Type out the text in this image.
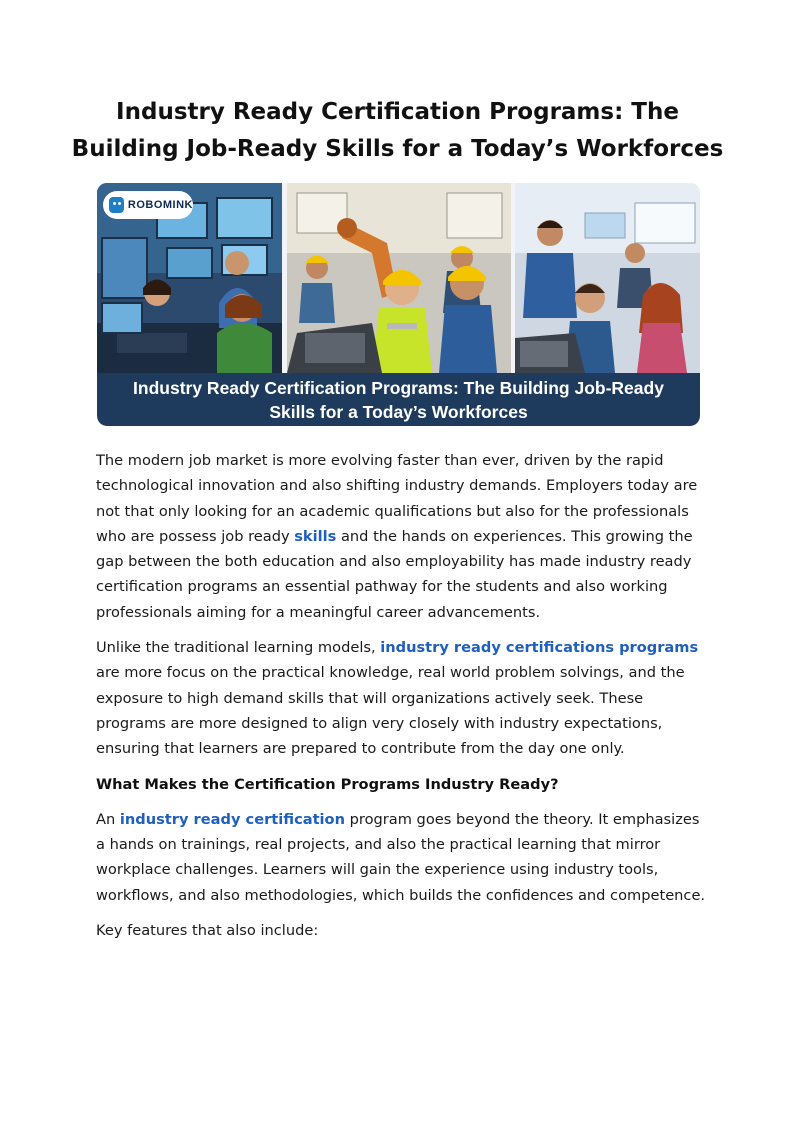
Industry Ready Certification Programs: The Building Job-Ready Skills for a Today’s Workforces
ROBOMINK
Industry Ready Certification Programs: The Building Job-Ready
Skills for a Today’s Workforces

The modern job market is more evolving faster than ever, driven by the rapid technological innovation and also shifting industry demands. Employers today are not that only looking for an academic qualifications but also for the professionals who are possess job ready skills and the hands on experiences. This growing the gap between the both education and also employability has made industry ready certification programs an essential pathway for the students and also working professionals aiming for a meaningful career advancements.

Unlike the traditional learning models, industry ready certifications programs are more focus on the practical knowledge, real world problem solvings, and the exposure to high demand skills that will organizations actively seek. These programs are more designed to align very closely with industry expectations, ensuring that learners are prepared to contribute from the day one only.

What Makes the Certification Programs Industry Ready?

An industry ready certification program goes beyond the theory. It emphasizes a hands on trainings, real projects, and also the practical learning that mirror workplace challenges. Learners will gain the experience using industry tools, workflows, and also methodologies, which builds the confidences and competence.

Key features that also include:
